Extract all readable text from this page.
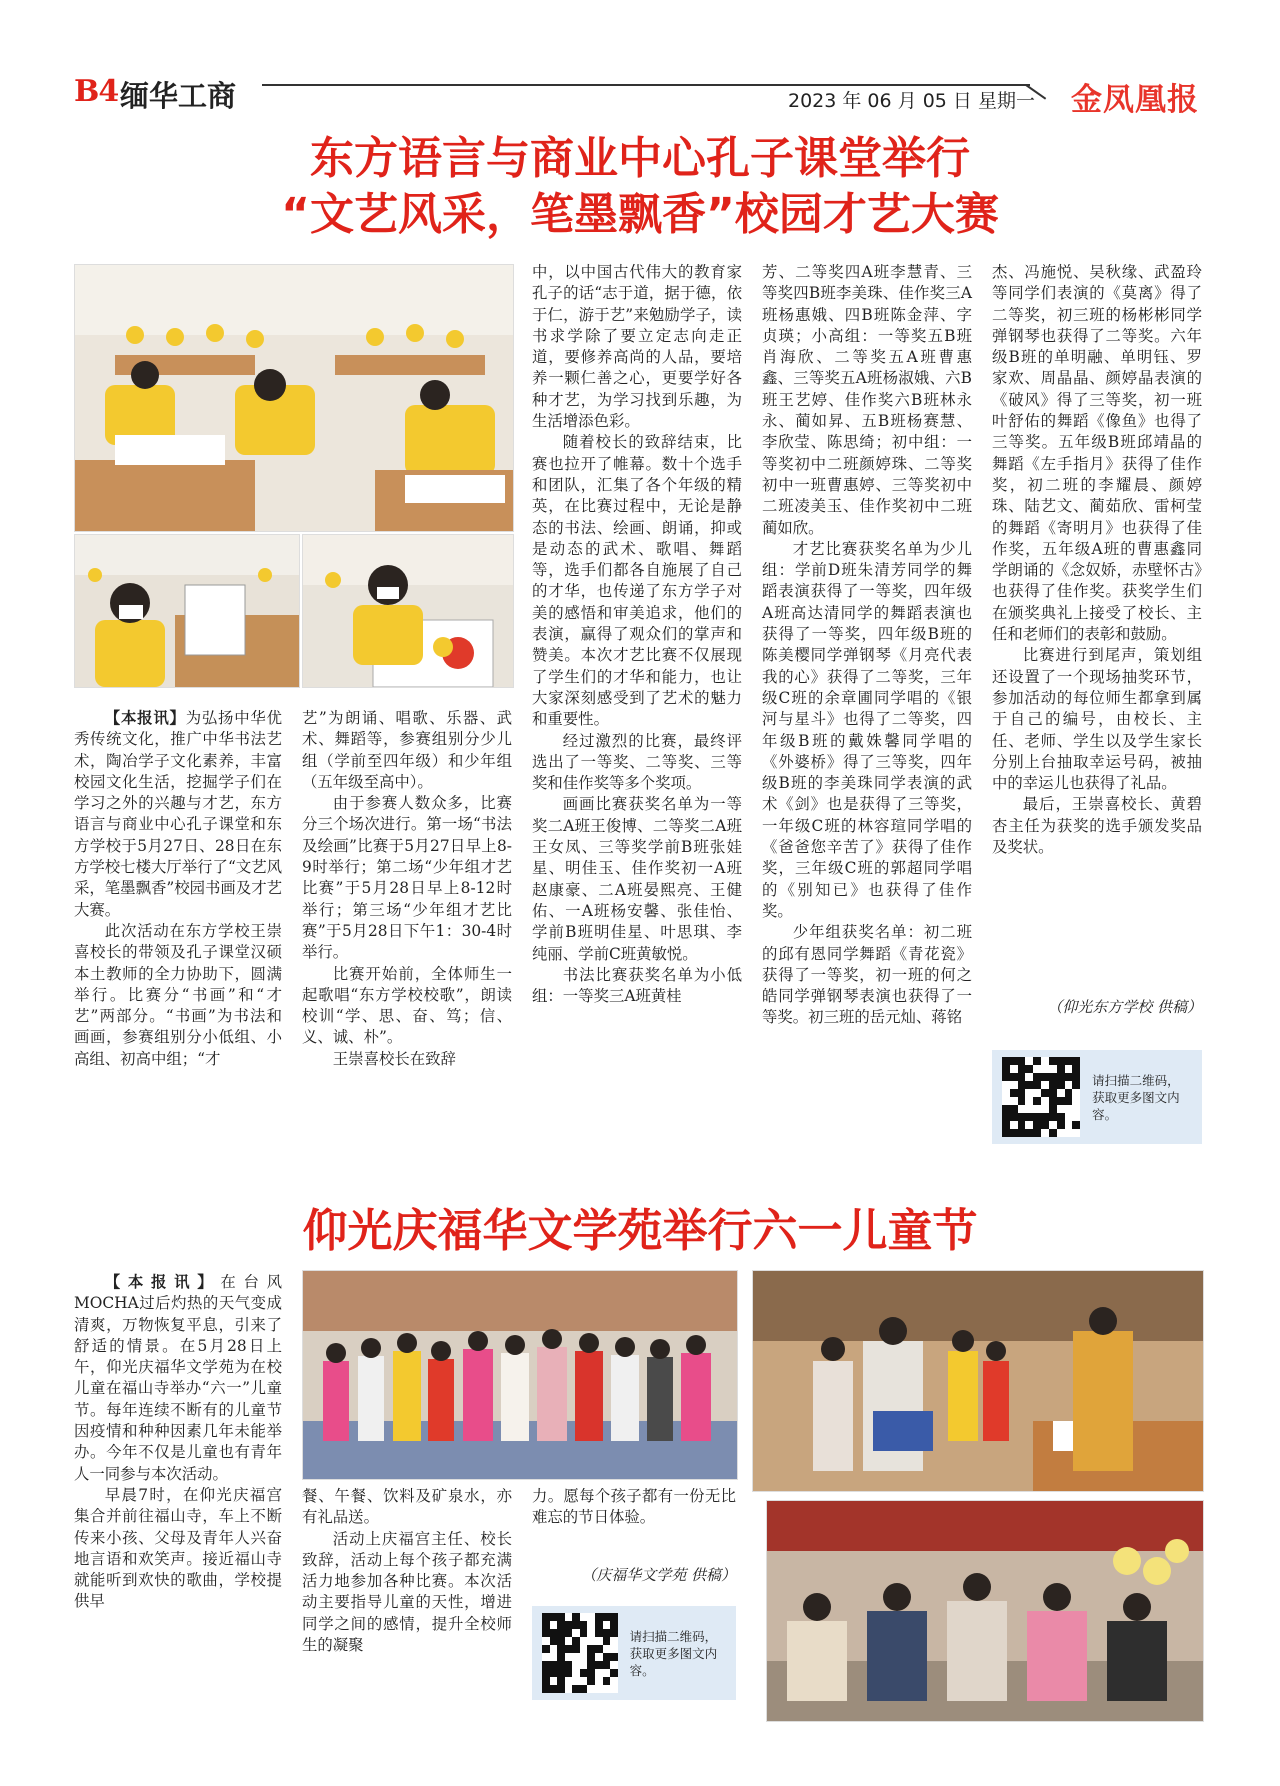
B4 缅华工商	2023 年 06 月 05 日 星期一 金凤凰报
东方语言与商业中心孔子课堂举行
“文艺风采，笔墨飘香”校园才艺大赛

【本报讯】为弘扬中华优秀传统文化，推广中华书法艺术，陶冶学子文化素养，丰富校园文化生活，挖掘学子们在学习之外的兴趣与才艺，东方语言与商业中心孔子课堂和东方学校于5月27日、28日在东方学校七楼大厅举行了“文艺风采，笔墨飘香”校园书画及才艺大赛。

此次活动在东方学校王崇喜校长的带领及孔子课堂汉硕本土教师的全力协助下，圆满举行。比赛分“书画”和“才艺”两部分。“书画”为书法和画画，参赛组别分小低组、小高组、初高中组；“才

艺”为朗诵、唱歌、乐器、武术、舞蹈等，参赛组别分少儿组（学前至四年级）和少年组（五年级至高中）。

由于参赛人数众多，比赛分三个场次进行。第一场“书法及绘画”比赛于5月27日早上8-9时举行；第二场“少年组才艺比赛”于5月28日早上8-12时举行；第三场“少年组才艺比赛”于5月28日下午1：30-4时举行。

比赛开始前，全体师生一起歌唱“东方学校校歌”，朗读校训“学、思、奋、笃；信、义、诚、朴”。

王崇喜校长在致辞

中，以中国古代伟大的教育家孔子的话“志于道，据于德，依于仁，游于艺”来勉励学子，读书求学除了要立定志向走正道，要修养高尚的人品，要培养一颗仁善之心，更要学好各种才艺，为学习找到乐趣，为生活增添色彩。

随着校长的致辞结束，比赛也拉开了帷幕。数十个选手和团队，汇集了各个年级的精英，在比赛过程中，无论是静态的书法、绘画、朗诵，抑或是动态的武术、歌唱、舞蹈等，选手们都各自施展了自己的才华，也传递了东方学子对美的感悟和审美追求，他们的表演，赢得了观众们的掌声和赞美。本次才艺比赛不仅展现了学生们的才华和能力，也让大家深刻感受到了艺术的魅力和重要性。

经过激烈的比赛，最终评选出了一等奖、二等奖、三等奖和佳作奖等多个奖项。

画画比赛获奖名单为一等奖二A班王俊博、二等奖二A班王女凤、三等奖学前B班张娃星、明佳玉、佳作奖初一A班 赵康豪、二A班晏熙亮、王健佑、一A班杨安馨、张佳怡、学前B班明佳星、叶思琪、李纯丽、学前C班黄敏悦。

书法比赛获奖名单为小低组：一等奖三A班黄桂

芳、二等奖四A班李慧青、三等奖四B班李美珠、佳作奖三A班杨惠娥、四B班陈金萍、字贞瑛；小高组：一等奖五B班肖海欣、二等奖五A班曹惠鑫、三等奖五A班杨淑娥、六B班王艺婷、佳作奖六B班林永永、蔺如昇、五B班杨赛慧、李欣莹、陈思绮；初中组：一等奖初中二班颜婷珠、二等奖初中一班曹惠婷、三等奖初中二班凌美玉、佳作奖初中二班蔺如欣。

才艺比赛获奖名单为少儿组：学前D班朱清芳同学的舞蹈表演获得了一等奖，四年级A班高达清同学的舞蹈表演也获得了一等奖，四年级B班的陈美樱同学弹钢琴《月亮代表我的心》获得了二等奖，三年级C班的余章圃同学唱的《银河与星斗》也得了二等奖，四年级B班的戴姝馨同学唱的《外婆桥》得了三等奖，四年级B班的李美珠同学表演的武术《剑》也是获得了三等奖，一年级C班的林容瑄同学唱的《爸爸您辛苦了》获得了佳作奖，三年级C班的郭超同学唱的《别知已》也获得了佳作奖。

少年组获奖名单：初二班的邱有恩同学舞蹈《青花瓷》获得了一等奖，初一班的何之皓同学弹钢琴表演也获得了一等奖。初三班的岳元灿、蒋铭

杰、冯施悦、吴秋缘、武盈玲等同学们表演的《莫离》得了二等奖，初三班的杨彬彬同学弹钢琴也获得了二等奖。六年级B班的单明融、单明钰、罗家欢、周晶晶、颜婷晶表演的《破风》得了三等奖，初一班叶舒佑的舞蹈《像鱼》也得了三等奖。五年级B班邱靖晶的舞蹈《左手指月》获得了佳作奖，初二班的李耀晨、颜婷珠、陆艺文、蔺茹欣、雷柯莹的舞蹈《寄明月》也获得了佳作奖，五年级A班的曹惠鑫同学朗诵的《念奴娇，赤壁怀古》也获得了佳作奖。获奖学生们在颁奖典礼上接受了校长、主任和老师们的表彰和鼓励。

比赛进行到尾声，策划组还设置了一个现场抽奖环节，参加活动的每位师生都拿到属于自己的编号，由校长、主任、老师、学生以及学生家长分别上台抽取幸运号码，被抽中的幸运儿也获得了礼品。

最后，王崇喜校长、黄碧杏主任为获奖的选手颁发奖品及奖状。

（仰光东方学校 供稿）
请扫描二维码，
获取更多图文内容。
仰光庆福华文学苑举行六一儿童节

【本报讯】在台风MOCHA过后灼热的天气变成清爽，万物恢复平息，引来了舒适的情景。在5月28日上午，仰光庆福华文学苑为在校儿童在福山寺举办“六一”儿童节。每年连续不断有的儿童节因疫情和种种因素几年未能举办。今年不仅是儿童也有青年人一同参与本次活动。

早晨7时，在仰光庆福宫集合并前往福山寺，车上不断传来小孩、父母及青年人兴奋地言语和欢笑声。接近福山寺就能听到欢快的歌曲，学校提供早

餐、午餐、饮料及矿泉水，亦有礼品送。

活动上庆福宫主任、校长致辞，活动上每个孩子都充满活力地参加各种比赛。本次活动主要指导儿童的天性，增进同学之间的感情，提升全校师生的凝聚

力。愿每个孩子都有一份无比难忘的节日体验。

（庆福华文学苑 供稿）
请扫描二维码，
获取更多图文内容。
